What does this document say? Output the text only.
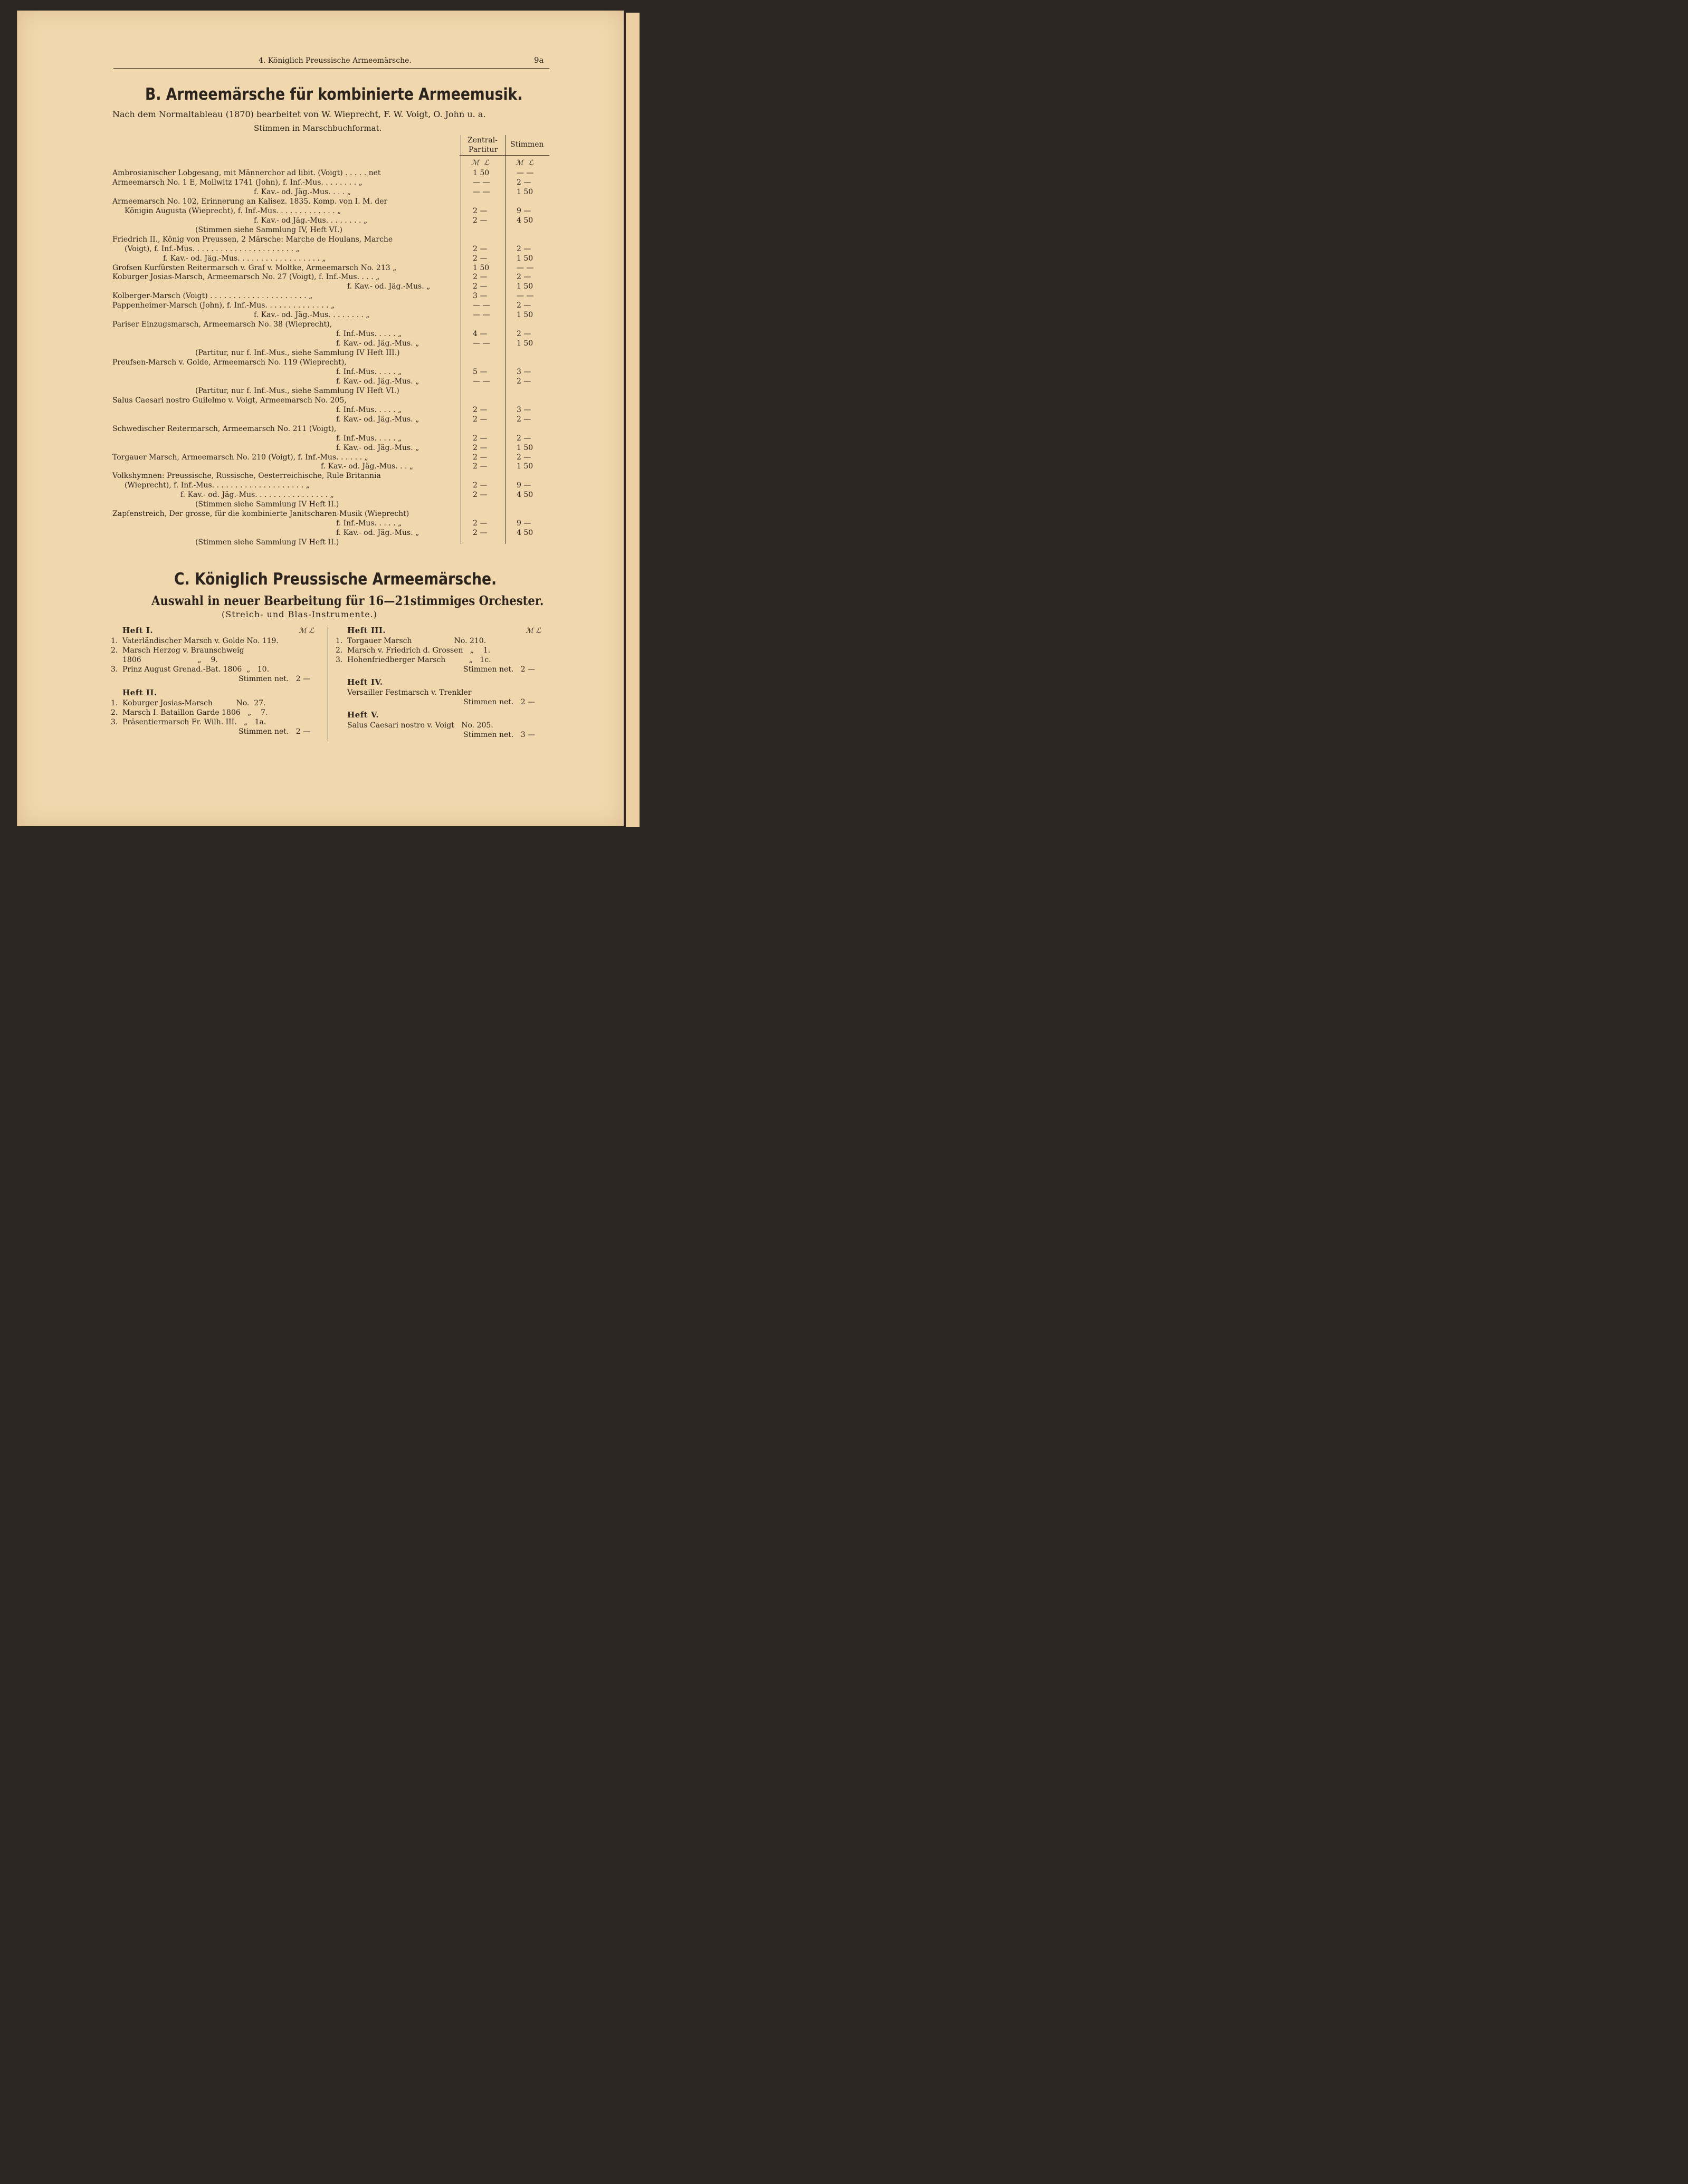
4. Königlich Preussische Armeemärsche.	9a
B. Armeemärsche für kombinierte Armeemusik.
Nach dem Normaltableau (1870) bearbeitet von W. Wieprecht, F. W. Voigt, O. John u. a.
Stimmen in Marschbuchformat.
Zentral-
Partitur
Stimmen
ℳ ℒ	ℳ ℒ
Ambrosianischer Lobgesang, mit Männerchor ad libit. (Voigt) . . . . . net	1 50	— —
Armeemarsch No. 1 E, Mollwitz 1741 (John), f. Inf.-Mus. . . . . . . . „	— —	2 —
f. Kav.- od. Jäg.-Mus. . . . „	— —	1 50
Armeemarsch No. 102, Erinnerung an Kalisez. 1835. Komp. von I. M. der
Königin Augusta (Wieprecht), f. Inf.-Mus. . . . . . . . . . . . . „	2 —	9 —
f. Kav.- od Jäg.-Mus. . . . . . . . „	2 —	4 50
(Stimmen siehe Sammlung IV, Heft VI.)
Friedrich II., König von Preussen, 2 Märsche: Marche de Houlans, Marche
(Voigt), f. Inf.-Mus. . . . . . . . . . . . . . . . . . . . . . „	2 —	2 —
f. Kav.- od. Jäg.-Mus. . . . . . . . . . . . . . . . . . „	2 —	1 50
Grofsen Kurfürsten Reitermarsch v. Graf v. Moltke, Armeemarsch No. 213 „	1 50	— —
Koburger Josias-Marsch, Armeemarsch No. 27 (Voigt), f. Inf.-Mus. . . . „	2 —	2 —
f. Kav.- od. Jäg.-Mus. „	2 —	1 50
Kolberger-Marsch (Voigt) . . . . . . . . . . . . . . . . . . . . . „	3 —	— —
Pappenheimer-Marsch (John), f. Inf.-Mus. . . . . . . . . . . . . . „	— —	2 —
f. Kav.- od. Jäg.-Mus. . . . . . . . „	— —	1 50
Pariser Einzugsmarsch, Armeemarsch No. 38 (Wieprecht),
f. Inf.-Mus. . . . . „	4 —	2 —
f. Kav.- od. Jäg.-Mus. „	— —	1 50
(Partitur, nur f. Inf.-Mus., siehe Sammlung IV Heft III.)
Preufsen-Marsch v. Golde, Armeemarsch No. 119 (Wieprecht),
f. Inf.-Mus. . . . . „	5 —	3 —
f. Kav.- od. Jäg.-Mus. „	— —	2 —
(Partitur, nur f. Inf.-Mus., siehe Sammlung IV Heft VI.)
Salus Caesari nostro Guilelmo v. Voigt, Armeemarsch No. 205,
f. Inf.-Mus. . . . . „	2 —	3 —
f. Kav.- od. Jäg.-Mus. „	2 —	2 —
Schwedischer Reitermarsch, Armeemarsch No. 211 (Voigt),
f. Inf.-Mus. . . . . „	2 —	2 —
f. Kav.- od. Jäg.-Mus. „	2 —	1 50
Torgauer Marsch, Armeemarsch No. 210 (Voigt), f. Inf.-Mus. . . . . . „	2 —	2 —
f. Kav.- od. Jäg.-Mus. . . „	2 —	1 50
Volkshymnen: Preussische, Russische, Oesterreichische, Rule Britannia
(Wieprecht), f. Inf.-Mus. . . . . . . . . . . . . . . . . . . . „	2 —	9 —
f. Kav.- od. Jäg.-Mus. . . . . . . . . . . . . . . . „	2 —	4 50
(Stimmen siehe Sammlung IV Heft II.)
Zapfenstreich, Der grosse, für die kombinierte Janitscharen-Musik (Wieprecht)
f. Inf.-Mus. . . . . „	2 —	9 —
f. Kav.- od. Jäg.-Mus. „	2 —	4 50
(Stimmen siehe Sammlung IV Heft II.)
C. Königlich Preussische Armeemärsche.
Auswahl in neuer Bearbeitung für 16—21stimmiges Orchester.
(Streich- und Blas-Instrumente.)
Heft I.	ℳ ℒ
1. Vaterländischer Marsch v. Golde No. 119.
2. Marsch Herzog v. Braunschweig
1806                        „    9.
3. Prinz August Grenad.-Bat. 1806  „   10.
Stimmen net.   2 —
Heft II.
1. Koburger Josias-Marsch          No.  27.
2. Marsch I. Bataillon Garde 1806   „    7.
3. Präsentiermarsch Fr. Wilh. III.   „   1a.
Stimmen net.   2 —
Heft III.	ℳ ℒ
1. Torgauer Marsch                  No. 210.
2. Marsch v. Friedrich d. Grossen   „    1.
3. Hohenfriedberger Marsch          „   1c.
Stimmen net.   2 —
Heft IV.
Versailler Festmarsch v. Trenkler
Stimmen net.   2 —
Heft V.
Salus Caesari nostro v. Voigt   No. 205.
Stimmen net.   3 —
